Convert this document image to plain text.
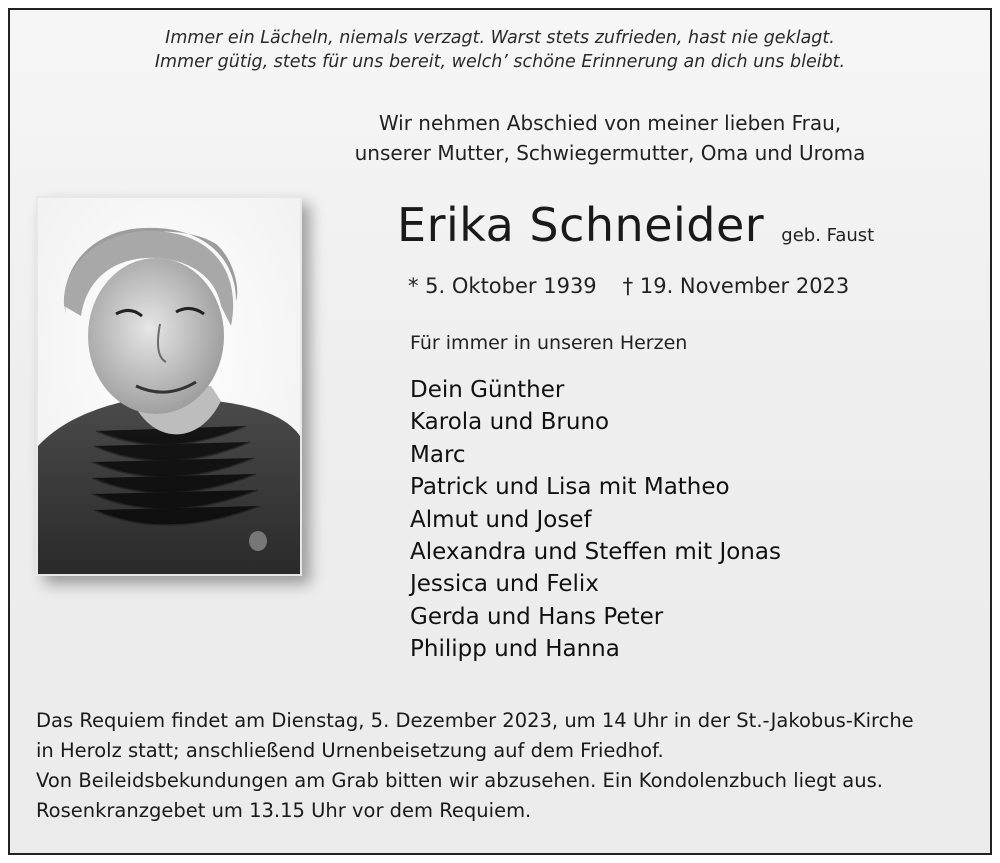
Immer ein Lächeln, niemals verzagt. Warst stets zufrieden, hast nie geklagt.
Immer gütig, stets für uns bereit, welch’ schöne Erinnerung an dich uns bleibt.
Wir nehmen Abschied von meiner lieben Frau,
unserer Mutter, Schwiegermutter, Oma und Uroma
Erika Schneider geb. Faust
* 5. Oktober 1939 † 19. November 2023
Für immer in unseren Herzen
Dein Günther
Karola und Bruno
Marc
Patrick und Lisa mit Matheo
Almut und Josef
Alexandra und Steffen mit Jonas
Jessica und Felix
Gerda und Hans Peter
Philipp und Hanna
Das Requiem findet am Dienstag, 5. Dezember 2023, um 14 Uhr in der St.-Jakobus-Kirche
in Herolz statt; anschließend Urnenbeisetzung auf dem Friedhof.
Von Beileidsbekundungen am Grab bitten wir abzusehen. Ein Kondolenzbuch liegt aus.
Rosenkranzgebet um 13.15 Uhr vor dem Requiem.
